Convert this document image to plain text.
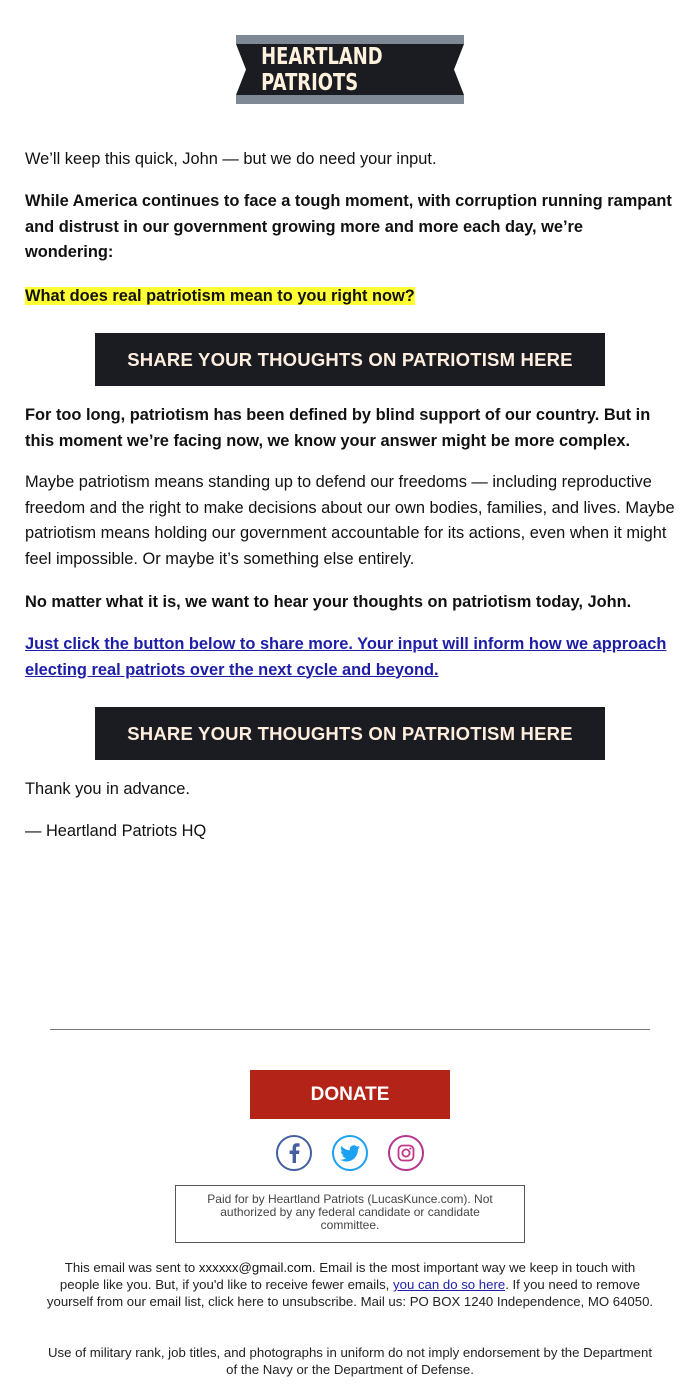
HEARTLAND PATRIOTS

We’ll keep this quick, John — but we do need your input.

While America continues to face a tough moment, with corruption running rampant and distrust in our government growing more and more each day, we’re wondering:

What does real patriotism mean to you right now?

SHARE YOUR THOUGHTS ON PATRIOTISM HERE

For too long, patriotism has been defined by blind support of our country. But in this moment we’re facing now, we know your answer might be more complex.

Maybe patriotism means standing up to defend our freedoms — including reproductive freedom and the right to make decisions about our own bodies, families, and lives. Maybe patriotism means holding our government accountable for its actions, even when it might feel impossible. Or maybe it’s something else entirely.

No matter what it is, we want to hear your thoughts on patriotism today, John.

Just click the button below to share more. Your input will inform how we approach electing real patriots over the next cycle and beyond.

SHARE YOUR THOUGHTS ON PATRIOTISM HERE

Thank you in advance.

— Heartland Patriots HQ

DONATE
Paid for by Heartland Patriots (LucasKunce.com). Not authorized by any federal candidate or candidate committee.
This email was sent to xxxxxx@gmail.com. Email is the most important way we keep in touch with people like you. But, if you'd like to receive fewer emails, you can do so here. If you need to remove yourself from our email list, click here to unsubscribe. Mail us: PO BOX 1240 Independence, MO 64050.
Use of military rank, job titles, and photographs in uniform do not imply endorsement by the Department of the Navy or the Department of Defense.
